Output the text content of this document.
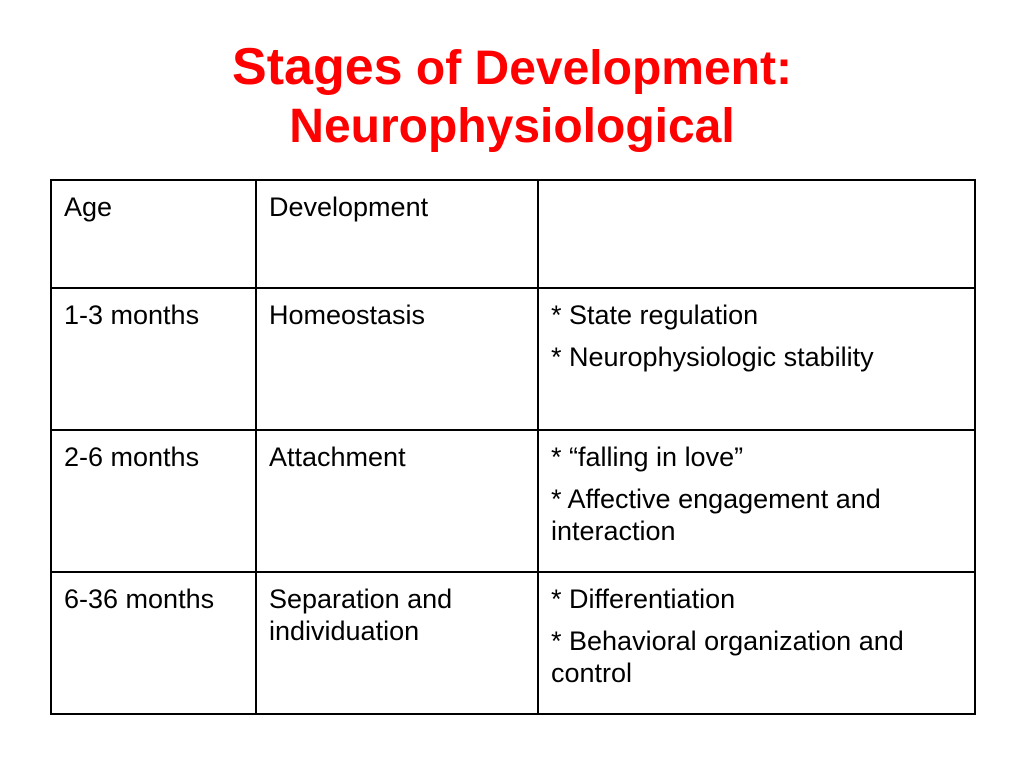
Stages of Development:
Neurophysiological
Age	Development	
1-3 months	Homeostasis	* State regulation
* Neurophysiologic stability

2-6 months	Attachment	* “falling in love”
* Affective engagement and interaction

6-36 months	Separation and individuation	* Differentiation
* Behavioral organization and control
